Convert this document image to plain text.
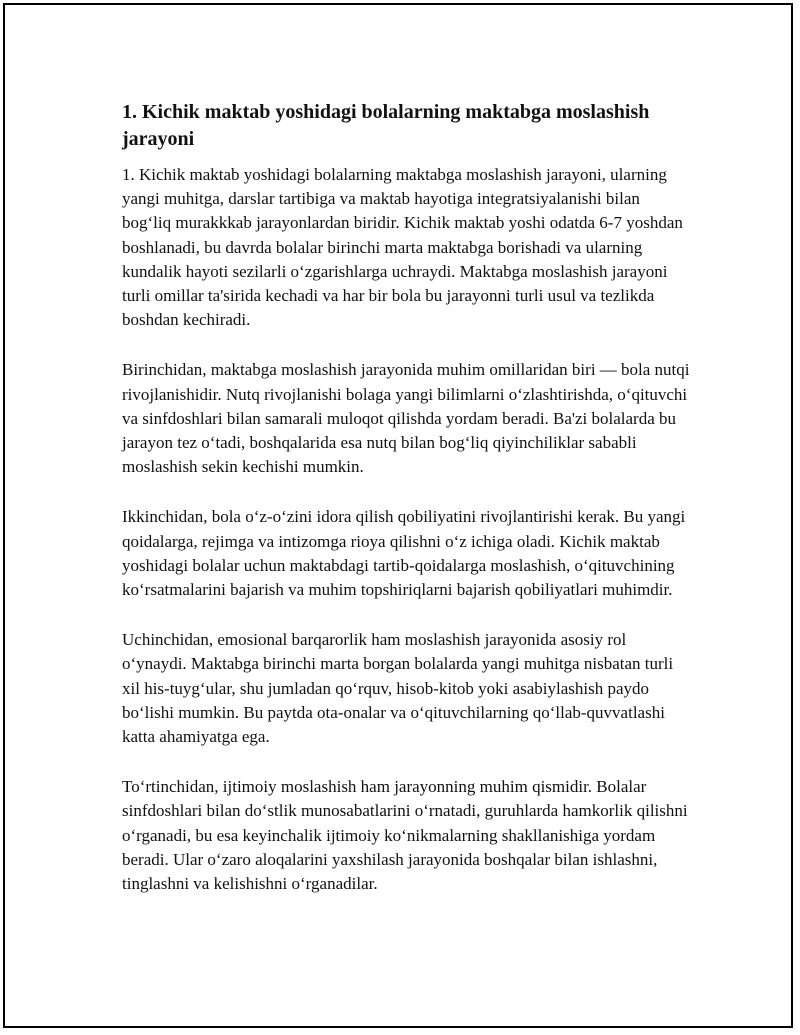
1. Kichik maktab yoshidagi bolalarning maktabga moslashish jarayoni

1. Kichik maktab yoshidagi bolalarning maktabga moslashish jarayoni, ularning yangi muhitga, darslar tartibiga va maktab hayotiga integratsiyalanishi bilan bog‘liq murakkkab jarayonlardan biridir. Kichik maktab yoshi odatda 6-7 yoshdan boshlanadi, bu davrda bolalar birinchi marta maktabga borishadi va ularning kundalik hayoti sezilarli o‘zgarishlarga uchraydi. Maktabga moslashish jarayoni turli omillar ta'sirida kechadi va har bir bola bu jarayonni turli usul va tezlikda boshdan kechiradi.

Birinchidan, maktabga moslashish jarayonida muhim omillaridan biri — bola nutqi rivojlanishidir. Nutq rivojlanishi bolaga yangi bilimlarni o‘zlashtirishda, o‘qituvchi va sinfdoshlari bilan samarali muloqot qilishda yordam beradi. Ba'zi bolalarda bu jarayon tez o‘tadi, boshqalarida esa nutq bilan bog‘liq qiyinchiliklar sababli moslashish sekin kechishi mumkin.

Ikkinchidan, bola o‘z-o‘zini idora qilish qobiliyatini rivojlantirishi kerak. Bu yangi qoidalarga, rejimga va intizomga rioya qilishni o‘z ichiga oladi. Kichik maktab yoshidagi bolalar uchun maktabdagi tartib-qoidalarga moslashish, o‘qituvchining ko‘rsatmalarini bajarish va muhim topshiriqlarni bajarish qobiliyatlari muhimdir.

Uchinchidan, emosional barqarorlik ham moslashish jarayonida asosiy rol o‘ynaydi. Maktabga birinchi marta borgan bolalarda yangi muhitga nisbatan turli xil his-tuyg‘ular, shu jumladan qo‘rquv, hisob-kitob yoki asabiylashish paydo bo‘lishi mumkin. Bu paytda ota-onalar va o‘qituvchilarning qo‘llab-quvvatlashi katta ahamiyatga ega.

To‘rtinchidan, ijtimoiy moslashish ham jarayonning muhim qismidir. Bolalar sinfdoshlari bilan do‘stlik munosabatlarini o‘rnatadi, guruhlarda hamkorlik qilishni o‘rganadi, bu esa keyinchalik ijtimoiy ko‘nikmalarning shakllanishiga yordam beradi. Ular o‘zaro aloqalarini yaxshilash jarayonida boshqalar bilan ishlashni, tinglashni va kelishishni o‘rganadilar.
